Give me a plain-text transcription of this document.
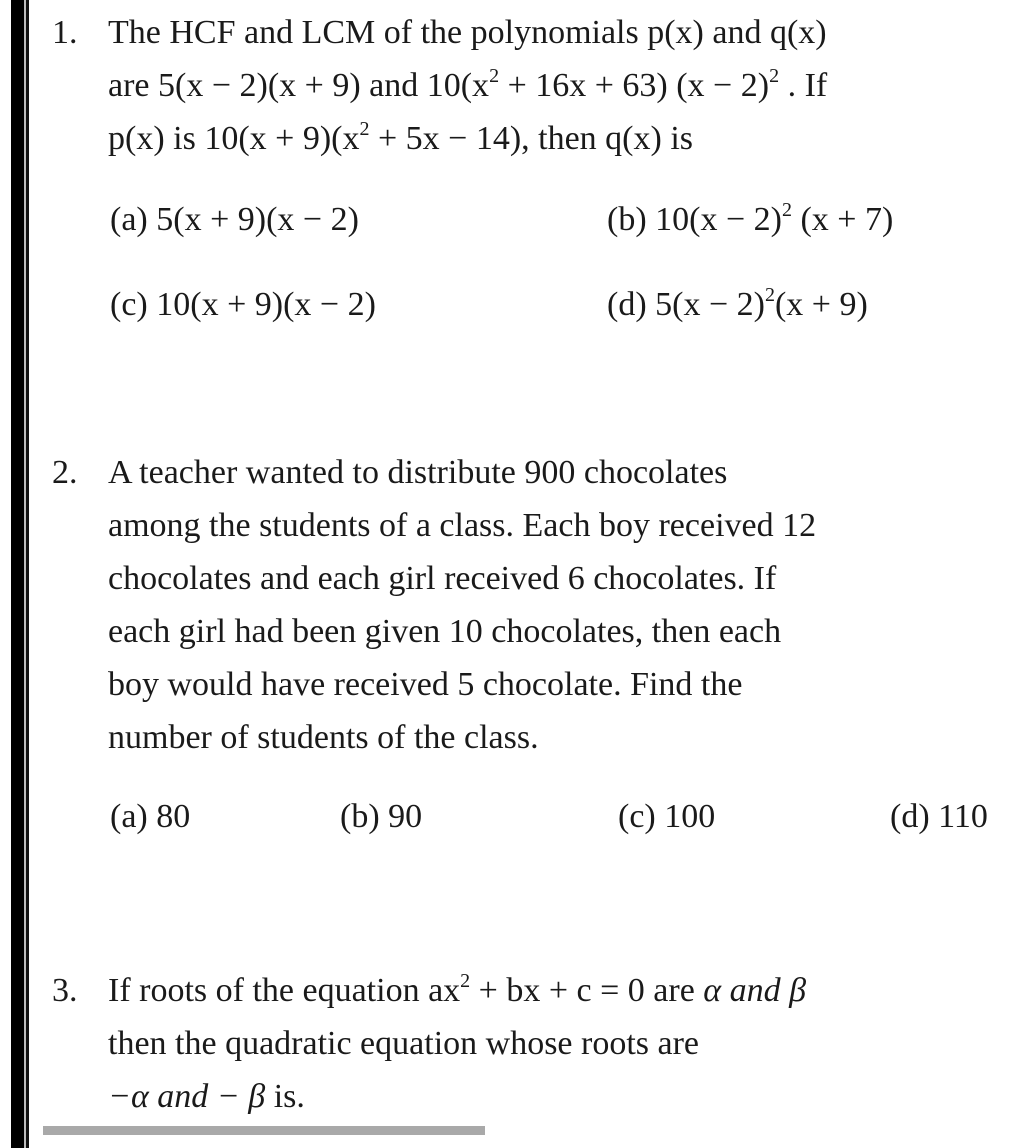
1. The HCF and LCM of the polynomials p(x) and q(x)
are 5(x − 2)(x + 9) and $10(x^2 + 16x + 63) (x - 2)^2$ . If
p(x) is $10(x + 9)(x^2 + 5x - 14)$, then q(x) is
(a) 5(x + 9)(x − 2)	(b) $10(x - 2)^2$ (x + 7)
(c) 10(x + 9)(x − 2)	(d) $5(x - 2)^2(x + 9)$
2. A teacher wanted to distribute 900 chocolates
among the students of a class. Each boy received 12
chocolates and each girl received 6 chocolates. If
each girl had been given 10 chocolates, then each
boy would have received 5 chocolate. Find the
number of students of the class.
(a) 80	(b) 90	(c) 100	(d) 110
3. If roots of the equation $ax^2$ + bx + c = 0 are α and β
then the quadratic equation whose roots are
−α and − β is.
